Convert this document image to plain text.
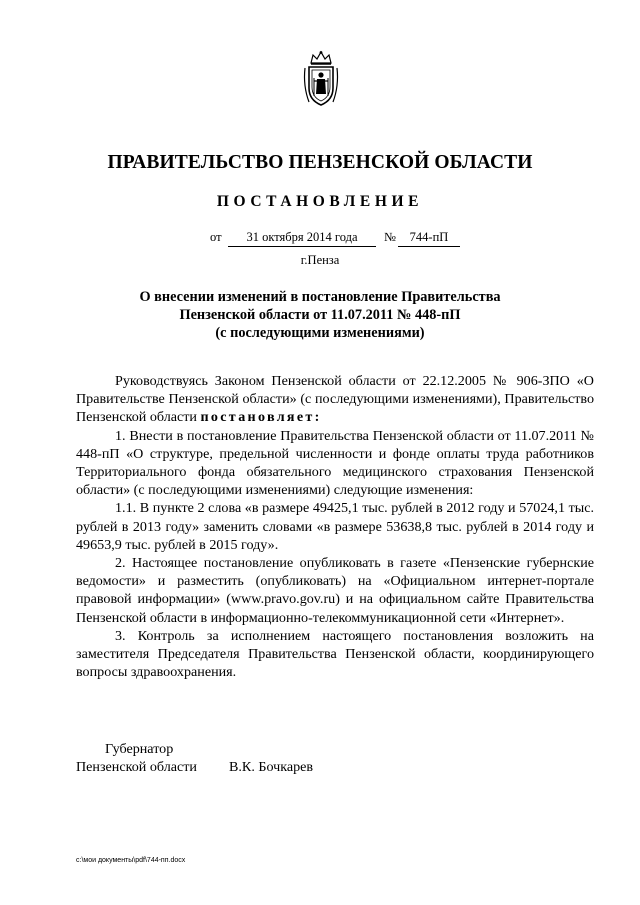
ПРАВИТЕЛЬСТВО ПЕНЗЕНСКОЙ ОБЛАСТИ
ПОСТАНОВЛЕНИЕ
от	31 октября 2014 года	№	744-пП
г.Пенза
О внесении изменений в постановление Правительства
Пензенской области от 11.07.2011 № 448-пП
(с последующими изменениями)

Руководствуясь Законом Пензенской области от 22.12.2005 № 906-ЗПО «О Правительстве Пензенской области» (с последующими изменениями), Правительство Пензенской области постановляет:

1. Внести в постановление Правительства Пензенской области от 11.07.2011 № 448-пП «О структуре, предельной численности и фонде оплаты труда работников Территориального фонда обязательного медицинского страхования Пензенской области» (с последующими изменениями) следующие изменения:

1.1. В пункте 2 слова «в размере 49425,1 тыс. рублей в 2012 году и 57024,1 тыс. рублей в 2013 году» заменить словами «в размере 53638,8 тыс. рублей в 2014 году и 49653,9 тыс. рублей в 2015 году».

2. Настоящее постановление опубликовать в газете «Пензенские губернские ведомости» и разместить (опубликовать) на «Официальном интернет-портале правовой информации» (www.pravo.gov.ru) и на официальном сайте Правительства Пензенской области в информационно-телекоммуникационной сети «Интернет».

3. Контроль за исполнением настоящего постановления возложить на заместителя Председателя Правительства Пензенской области, координирующего вопросы здравоохранения.

Губернатор
Пензенской области В.К. Бочкарев
c:\мои документы\pdf\744-пп.docx
